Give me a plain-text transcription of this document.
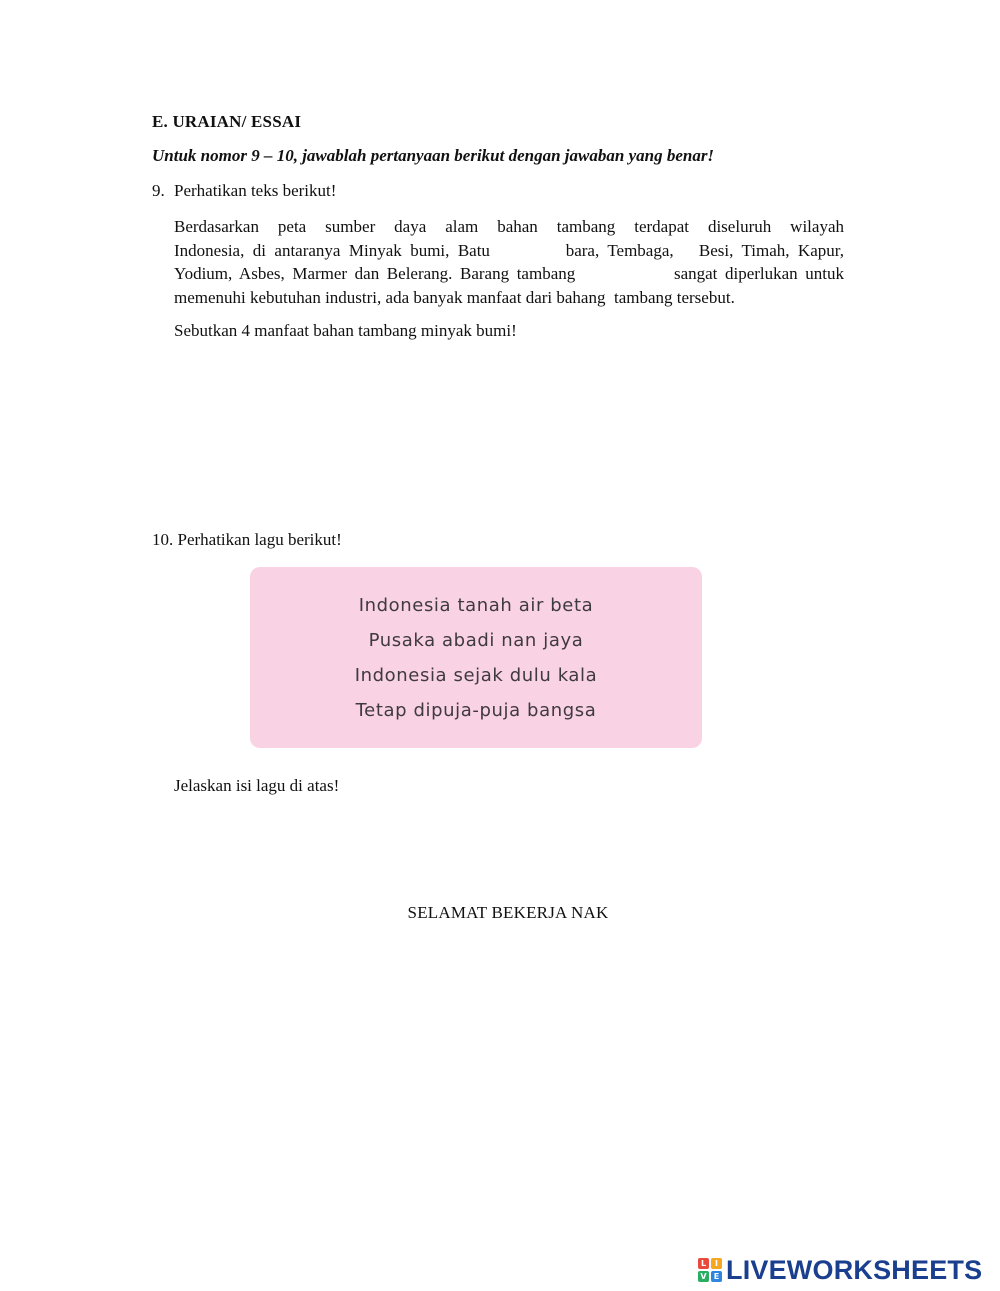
E. URAIAN/ ESSAI
Untuk nomor 9 – 10, jawablah pertanyaan berikut dengan jawaban yang benar!
9. Perhatikan teks berikut!
Berdasarkan peta sumber daya alam bahan tambang terdapat diseluruh wilayah
Indonesia, di antaranya Minyak bumi, Batu         bara, Tembaga,   Besi, Timah, Kapur,
Yodium, Asbes, Marmer dan Belerang. Barang tambang             sangat diperlukan untuk
memenuhi kebutuhan industri, ada banyak manfaat dari bahang  tambang tersebut.
Sebutkan 4 manfaat bahan tambang minyak bumi!
10. Perhatikan lagu berikut!
Indonesia tanah air beta
Pusaka abadi nan jaya
Indonesia sejak dulu kala
Tetap dipuja-puja bangsa
Jelaskan isi lagu di atas!
SELAMAT BEKERJA NAK
L	I
V E LIVEWORKSHEETS
